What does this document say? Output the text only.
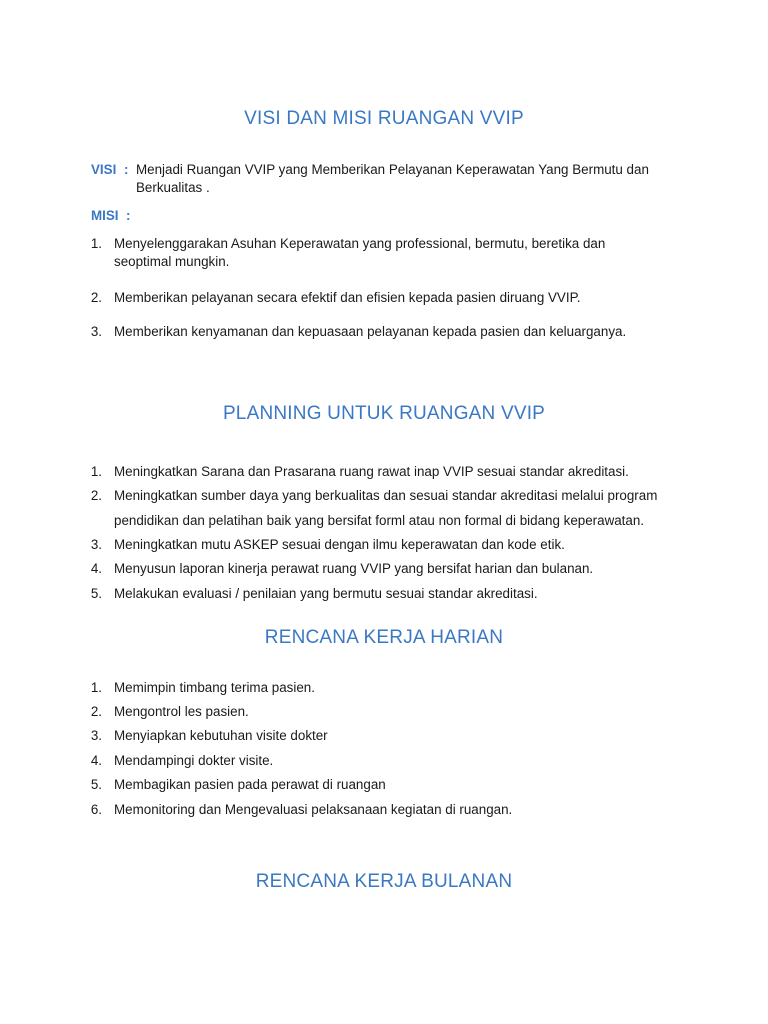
VISI DAN MISI RUANGAN VVIP
VISI : Menjadi Ruangan VVIP yang Memberikan Pelayanan Keperawatan Yang Bermutu dan
Berkualitas .
MISI :
1. Menyelenggarakan Asuhan Keperawatan yang professional, bermutu, beretika dan
seoptimal mungkin.
2. Memberikan pelayanan secara efektif dan efisien kepada pasien diruang VVIP.
3. Memberikan kenyamanan dan kepuasaan pelayanan kepada pasien dan keluarganya.
PLANNING UNTUK RUANGAN VVIP
1. Meningkatkan Sarana dan Prasarana ruang rawat inap VVIP sesuai standar akreditasi.
2. Meningkatkan sumber daya yang berkualitas dan sesuai standar akreditasi melalui program
pendidikan dan pelatihan baik yang bersifat forml atau non formal di bidang keperawatan.
3. Meningkatkan mutu ASKEP sesuai dengan ilmu keperawatan dan kode etik.
4. Menyusun laporan kinerja perawat ruang VVIP yang bersifat harian dan bulanan.
5. Melakukan evaluasi / penilaian yang bermutu sesuai standar akreditasi.
RENCANA KERJA HARIAN
1. Memimpin timbang terima pasien.
2. Mengontrol les pasien.
3. Menyiapkan kebutuhan visite dokter
4. Mendampingi dokter visite.
5. Membagikan pasien pada perawat di ruangan
6. Memonitoring dan Mengevaluasi pelaksanaan kegiatan di ruangan.
RENCANA KERJA BULANAN
